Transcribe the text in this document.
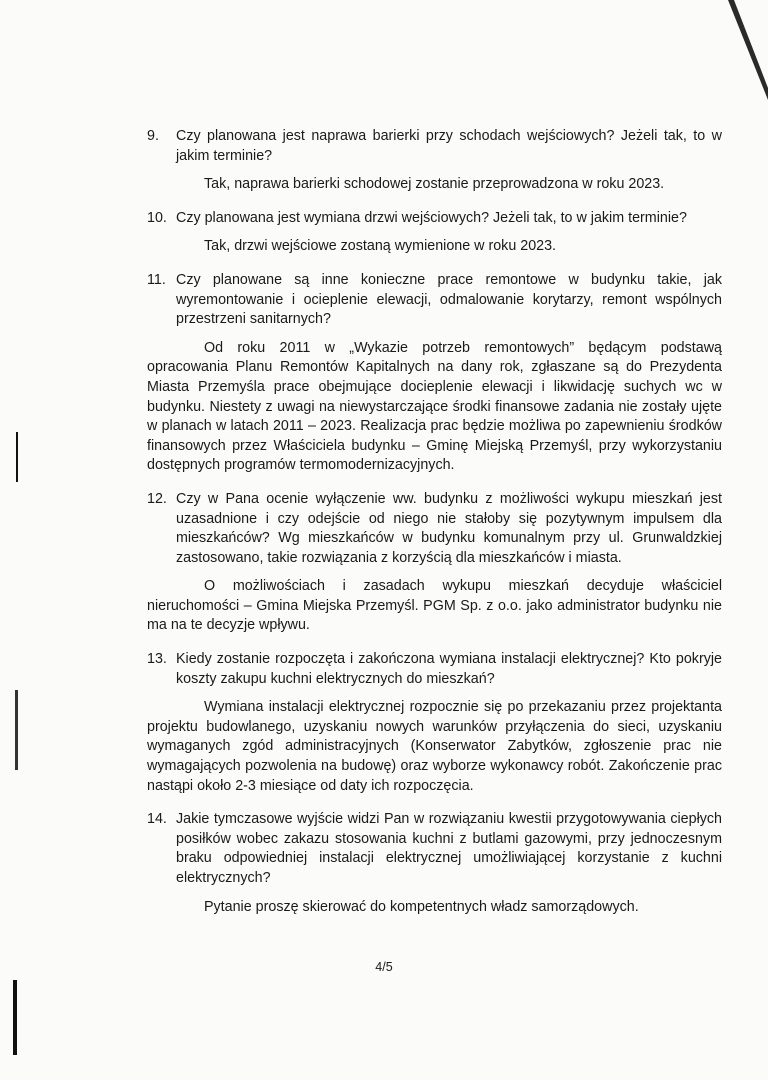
9. Czy planowana jest naprawa barierki przy schodach wejściowych? Jeżeli tak, to w jakim terminie?
Tak, naprawa barierki schodowej zostanie przeprowadzona w roku 2023.
10. Czy planowana jest wymiana drzwi wejściowych? Jeżeli tak, to w jakim terminie?
Tak, drzwi wejściowe zostaną wymienione w roku 2023.
11. Czy planowane są inne konieczne prace remontowe w budynku takie, jak wyremontowanie i ocieplenie elewacji, odmalowanie korytarzy, remont wspólnych przestrzeni sanitarnych?
Od roku 2011 w „Wykazie potrzeb remontowych” będącym podstawą opracowania Planu Remontów Kapitalnych na dany rok, zgłaszane są do Prezydenta Miasta Przemyśla prace obejmujące docieplenie elewacji i likwidację suchych wc w budynku. Niestety z uwagi na niewystarczające środki finansowe zadania nie zostały ujęte w planach w latach 2011 – 2023. Realizacja prac będzie możliwa po zapewnieniu środków finansowych przez Właściciela budynku – Gminę Miejską Przemyśl, przy wykorzystaniu dostępnych programów termomodernizacyjnych.
12. Czy w Pana ocenie wyłączenie ww. budynku z możliwości wykupu mieszkań jest uzasadnione i czy odejście od niego nie stałoby się pozytywnym impulsem dla mieszkańców? Wg mieszkańców w budynku komunalnym przy ul. Grunwaldzkiej zastosowano, takie rozwiązania z korzyścią dla mieszkańców i miasta.
O możliwościach i zasadach wykupu mieszkań decyduje właściciel nieruchomości – Gmina Miejska Przemyśl. PGM Sp. z o.o. jako administrator budynku nie ma na te decyzje wpływu.
13. Kiedy zostanie rozpoczęta i zakończona wymiana instalacji elektrycznej? Kto pokryje koszty zakupu kuchni elektrycznych do mieszkań?
Wymiana instalacji elektrycznej rozpocznie się po przekazaniu przez projektanta projektu budowlanego, uzyskaniu nowych warunków przyłączenia do sieci, uzyskaniu wymaganych zgód administracyjnych (Konserwator Zabytków, zgłoszenie prac nie wymagających pozwolenia na budowę) oraz wyborze wykonawcy robót. Zakończenie prac nastąpi około 2-3 miesiące od daty ich rozpoczęcia.
14. Jakie tymczasowe wyjście widzi Pan w rozwiązaniu kwestii przygotowywania ciepłych posiłków wobec zakazu stosowania kuchni z butlami gazowymi, przy jednoczesnym braku odpowiedniej instalacji elektrycznej umożliwiającej korzystanie z kuchni elektrycznych?
Pytanie proszę skierować do kompetentnych władz samorządowych.
4/5
